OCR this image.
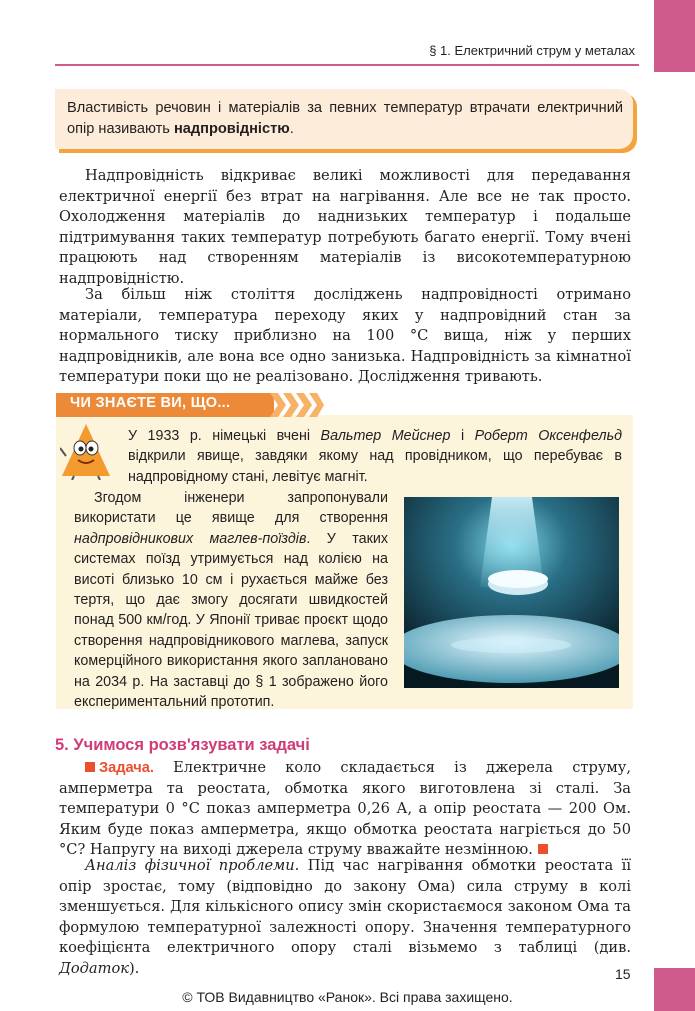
§ 1. Електричний струм у металах
Властивість речовин і матеріалів за певних температур втрачати електричний опір називають надпровідністю.
Надпровідність відкриває великі можливості для передавання електричної енергії без втрат на нагрівання. Але все не так просто. Охолодження матеріалів до наднизьких температур і подальше підтримування таких температур потребують багато енергії. Тому вчені працюють над створенням матеріалів із високотемпературною надпровідністю.
За більш ніж століття досліджень надпровідності отримано матеріали, температура переходу яких у надпровідний стан за нормального тиску приблизно на 100 °С вища, ніж у перших надпровідників, але вона все одно занизька. Надпровідність за кімнатної температури поки що не реалізовано. Дослідження тривають.
ЧИ ЗНАЄТЕ ВИ, ЩО...
У 1933 р. німецькі вчені Вальтер Мейснер і Роберт Оксенфельд відкрили явище, завдяки якому над провідником, що перебуває в надпровідному стані, левітує магніт.
Згодом інженери запропонували використати це явище для створення надпровідникових маглев-поїздів. У таких системах поїзд утримується над колією на висоті близько 10 см і рухається майже без тертя, що дає змогу досягати швидкостей понад 500 км/год. У Японії триває проєкт щодо створення надпровідникового маглева, запуск комерційного використання якого заплановано на 2034 р. На заставці до § 1 зображено його експериментальний прототип.
5. Учимося розв'язувати задачі
Задача. Електричне коло складається із джерела струму, амперметра та реостата, обмотка якого виготовлена зі сталі. За температури 0 °С показ амперметра 0,26 А, а опір реостата — 200 Ом. Яким буде показ амперметра, якщо обмотка реостата нагріється до 50 °С? Напругу на виході джерела струму вважайте незмінною.
Аналіз фізичної проблеми. Під час нагрівання обмотки реостата її опір зростає, тому (відповідно до закону Ома) сила струму в колі зменшується. Для кількісного опису змін скористаємося законом Ома та формулою температурної залежності опору. Значення температурного коефіцієнта електричного опору сталі візьмемо з таблиці (див. Додаток).	15
© ТОВ Видавництво «Ранок». Всі права захищено.
